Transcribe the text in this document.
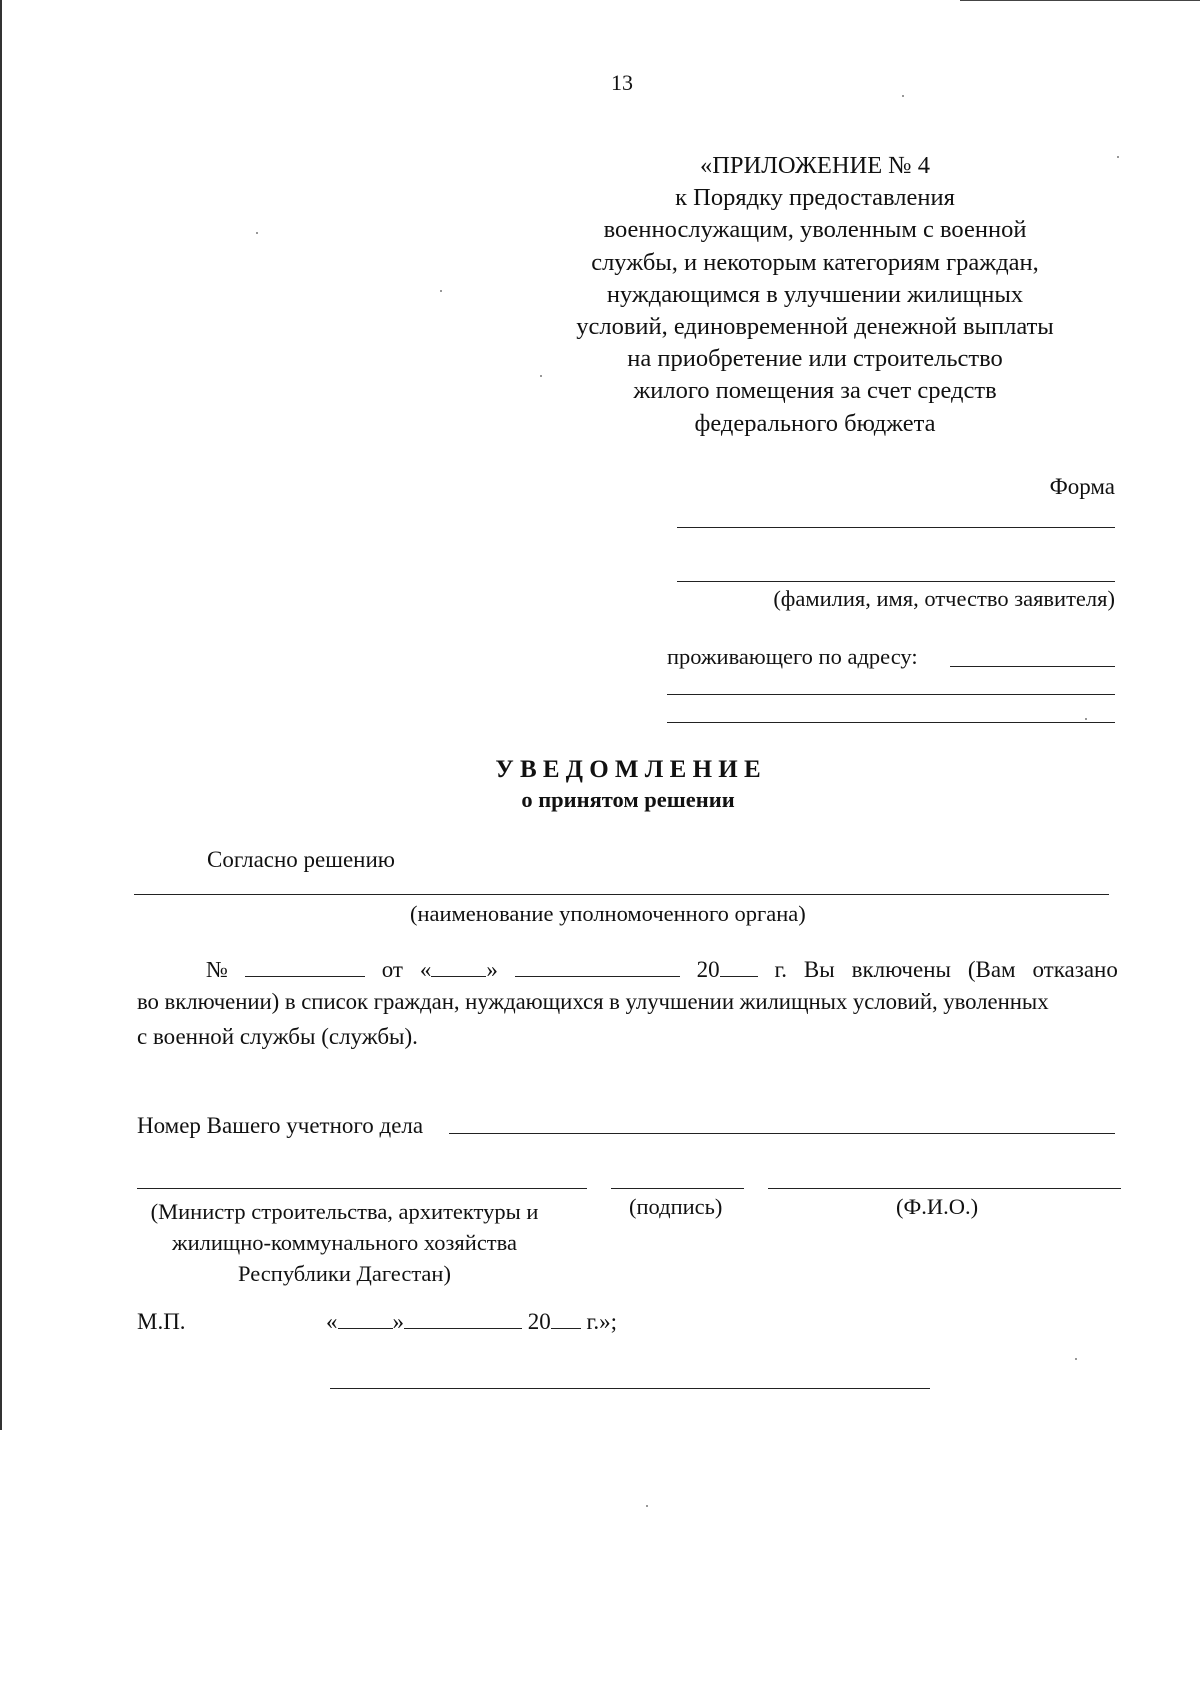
13
«ПРИЛОЖЕНИЕ № 4
к Порядку предоставления
военнослужащим, уволенным с военной
службы, и некоторым категориям граждан,
нуждающимся в улучшении жилищных
условий, единовременной денежной выплаты
на приобретение или строительство
жилого помещения за счет средств
федерального бюджета
Форма
(фамилия, имя, отчество заявителя)
проживающего по адресу:
У В Е Д О М Л Е Н И Е
о принятом решении
Согласно решению
(наименование уполномоченного органа)
№	от « »	20	г. Вы включены (Вам отказано
во включении) в список граждан, нуждающихся в улучшении жилищных условий, уволенных
с военной службы (службы).
Номер Вашего учетного дела
(Министр строительства, архитектуры и
жилищно-коммунального хозяйства
Республики Дагестан)
(подпись)	(Ф.И.О.)
М.П.	« »	20 г.»;
